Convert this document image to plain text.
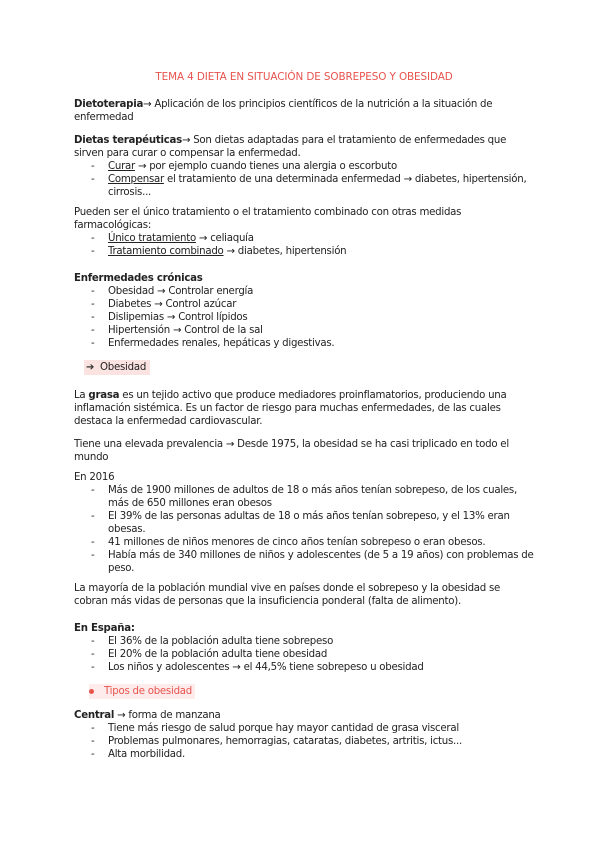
TEMA 4 DIETA EN SITUACIÓN DE SOBREPESO Y OBESIDAD

Dietoterapia→ Aplicación de los principios científicos de la nutrición a la situación de enfermedad

Dietas terapéuticas→ Son dietas adaptadas para el tratamiento de enfermedades que sirven para curar o compensar la enfermedad.

- Curar → por ejemplo cuando tienes una alergia o escorbuto
- Compensar el tratamiento de una determinada enfermedad → diabetes, hipertensión, cirrosis...

Pueden ser el único tratamiento o el tratamiento combinado con otras medidas farmacológicas:

- Único tratamiento → celiaquía
- Tratamiento combinado → diabetes, hipertensión

Enfermedades crónicas

- Obesidad → Controlar energía
- Diabetes → Control azúcar
- Dislipemias → Control lípidos
- Hipertensión → Control de la sal
- Enfermedades renales, hepáticas y digestivas.
➔ Obesidad

La grasa es un tejido activo que produce mediadores proinflamatorios, produciendo una inflamación sistémica. Es un factor de riesgo para muchas enfermedades, de las cuales destaca la enfermedad cardiovascular.

Tiene una elevada prevalencia → Desde 1975, la obesidad se ha casi triplicado en todo el mundo

En 2016

- Más de 1900 millones de adultos de 18 o más años tenían sobrepeso, de los cuales, más de 650 millones eran obesos
- El 39% de las personas adultas de 18 o más años tenían sobrepeso, y el 13% eran obesas.
- 41 millones de niños menores de cinco años tenían sobrepeso o eran obesos.
- Había más de 340 millones de niños y adolescentes (de 5 a 19 años) con problemas de peso.

La mayoría de la población mundial vive en países donde el sobrepeso y la obesidad se cobran más vidas de personas que la insuficiencia ponderal (falta de alimento).

En España:

- El 36% de la población adulta tiene sobrepeso
- El 20% de la población adulta tiene obesidad
- Los niños y adolescentes → el 44,5% tiene sobrepeso u obesidad
Tipos de obesidad

Central → forma de manzana

- Tiene más riesgo de salud porque hay mayor cantidad de grasa visceral
- Problemas pulmonares, hemorragias, cataratas, diabetes, artritis, ictus...
- Alta morbilidad.
